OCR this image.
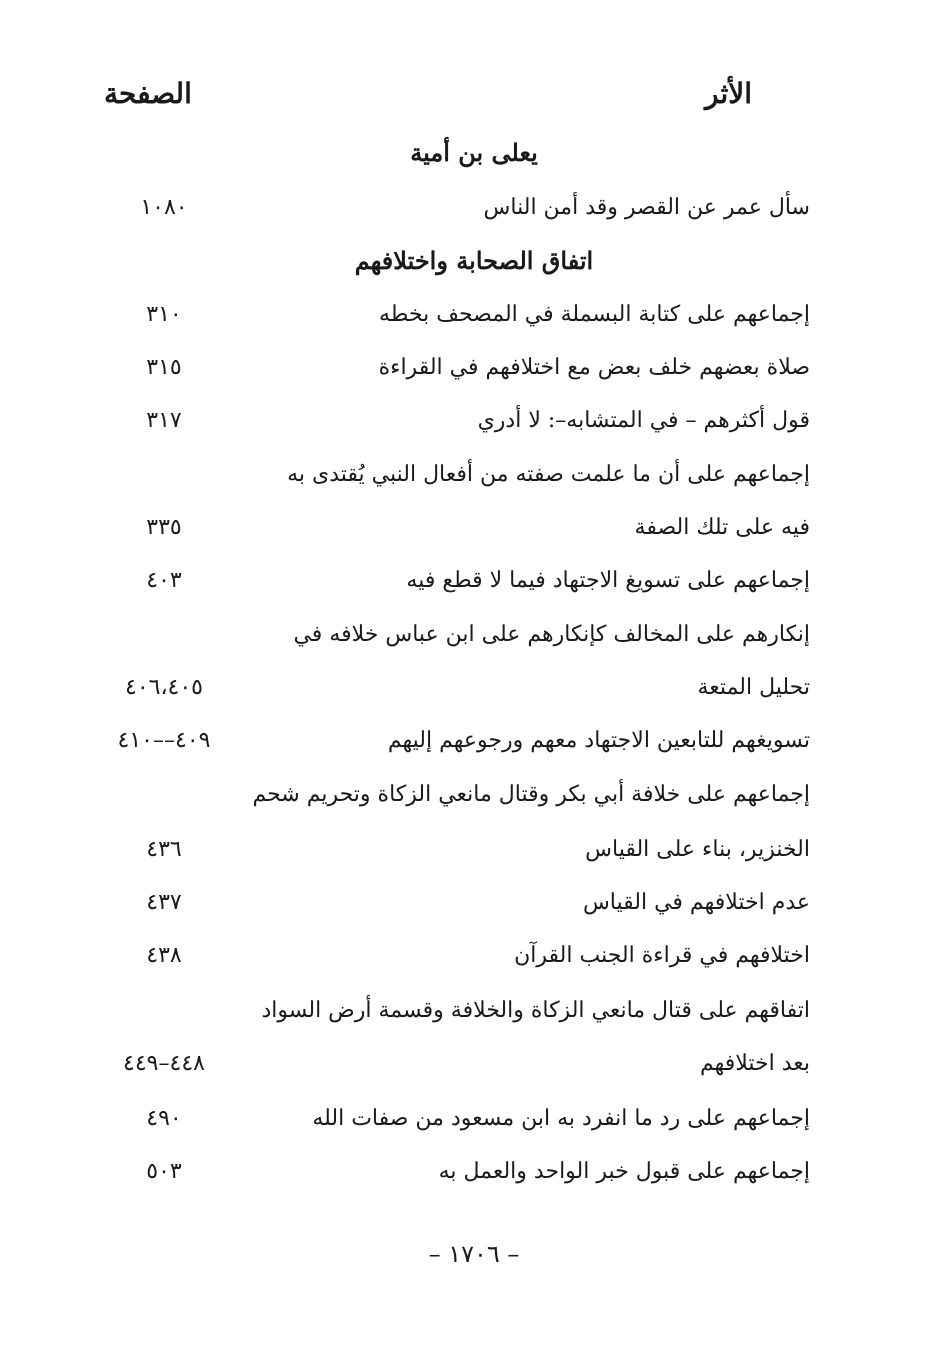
الصفحة	الأثر
يعلى بن أمية
سأل عمر عن القصر وقد أمن الناس
١٠٨٠
اتفاق الصحابة واختلافهم
إجماعهم على كتابة البسملة في المصحف بخطه
٣١٠
صلاة بعضهم خلف بعض مع اختلافهم في القراءة
٣١٥
قول أكثرهم – في المتشابه–: لا أدري
٣١٧
إجماعهم على أن ما علمت صفته من أفعال النبي يُقتدى به
فيه على تلك الصفة
٣٣٥
إجماعهم على تسويغ الاجتهاد فيما لا قطع فيه
٤٠٣
إنكارهم على المخالف كإنكارهم على ابن عباس خلافه في
تحليل المتعة
٤٠٦،٤٠٥
تسويغهم للتابعين الاجتهاد معهم ورجوعهم إليهم
٤٠٩––٤١٠
إجماعهم على خلافة أبي بكر وقتال مانعي الزكاة وتحريم شحم
الخنزير، بناء على القياس
٤٣٦
عدم اختلافهم في القياس
٤٣٧
اختلافهم في قراءة الجنب القرآن
٤٣٨
اتفاقهم على قتال مانعي الزكاة والخلافة وقسمة أرض السواد
بعد اختلافهم
٤٤٨–٤٤٩
إجماعهم على رد ما انفرد به ابن مسعود من صفات الله
٤٩٠
إجماعهم على قبول خبر الواحد والعمل به
٥٠٣
– ١٧٠٦ –
